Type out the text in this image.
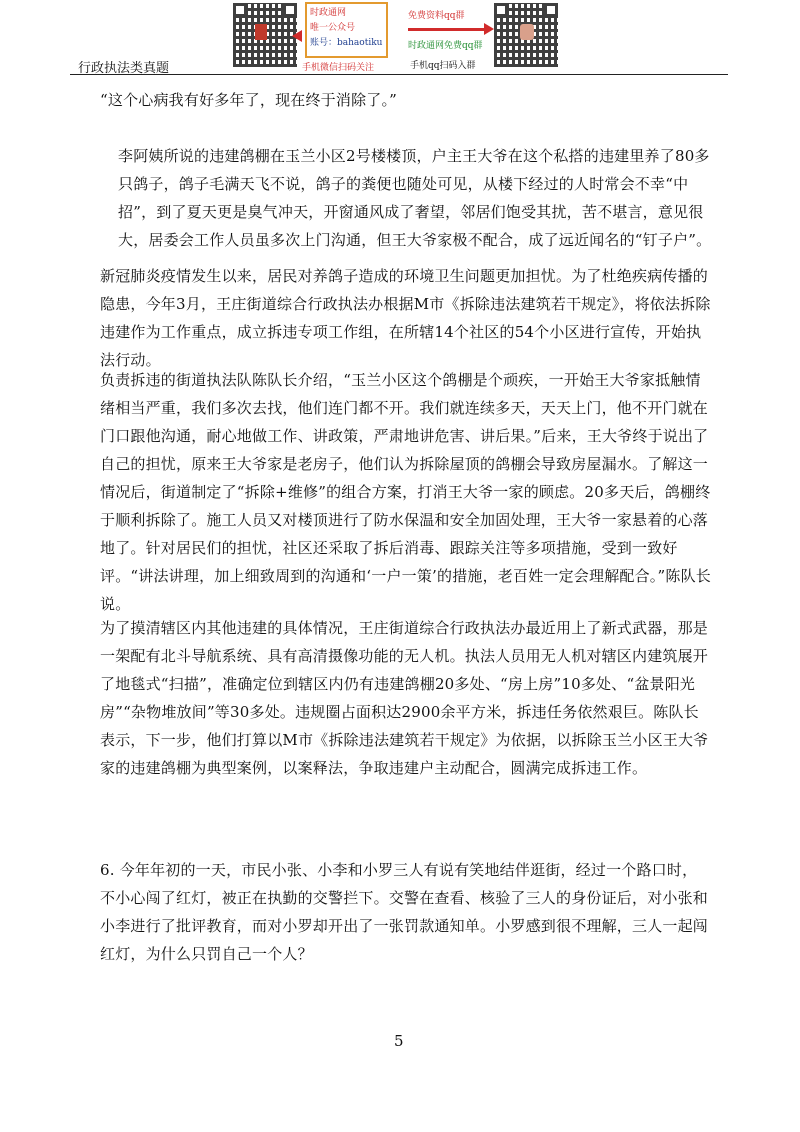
时政通网
唯一公众号
账号：bahaotiku
手机微信扫码关注
免费资料qq群
时政通网免费qq群
手机qq扫码入群
行政执法类真题

“这个心病我有好多年了，现在终于消除了。”

李阿姨所说的违建鸽棚在玉兰小区2号楼楼顶，户主王大爷在这个私搭的违建里养了80多只鸽子，鸽子毛满天飞不说，鸽子的粪便也随处可见，从楼下经过的人时常会不幸“中招”，到了夏天更是臭气冲天，开窗通风成了奢望，邻居们饱受其扰，苦不堪言，意见很大，居委会工作人员虽多次上门沟通，但王大爷家极不配合，成了远近闻名的“钉子户”。

新冠肺炎疫情发生以来，居民对养鸽子造成的环境卫生问题更加担忧。为了杜绝疾病传播的隐患，今年3月，王庄街道综合行政执法办根据M市《拆除违法建筑若干规定》，将依法拆除违建作为工作重点，成立拆违专项工作组，在所辖14个社区的54个小区进行宣传，开始执法行动。

负责拆违的街道执法队陈队长介绍，“玉兰小区这个鸽棚是个顽疾，一开始王大爷家抵触情绪相当严重，我们多次去找，他们连门都不开。我们就连续多天，天天上门，他不开门就在门口跟他沟通，耐心地做工作、讲政策，严肃地讲危害、讲后果。”后来，王大爷终于说出了自己的担忧，原来王大爷家是老房子，他们认为拆除屋顶的鸽棚会导致房屋漏水。了解这一情况后，街道制定了“拆除+维修”的组合方案，打消王大爷一家的顾虑。20多天后，鸽棚终于顺利拆除了。施工人员又对楼顶进行了防水保温和安全加固处理，王大爷一家悬着的心落地了。针对居民们的担忧，社区还采取了拆后消毒、跟踪关注等多项措施，受到一致好评。“讲法讲理，加上细致周到的沟通和‘一户一策’的措施，老百姓一定会理解配合。”陈队长说。

为了摸清辖区内其他违建的具体情况，王庄街道综合行政执法办最近用上了新式武器，那是一架配有北斗导航系统、具有高清摄像功能的无人机。执法人员用无人机对辖区内建筑展开了地毯式“扫描”，准确定位到辖区内仍有违建鸽棚20多处、“房上房”10多处、“盆景阳光房”“杂物堆放间”等30多处。违规圈占面积达2900余平方米，拆违任务依然艰巨。陈队长表示，下一步，他们打算以M市《拆除违法建筑若干规定》为依据，以拆除玉兰小区王大爷家的违建鸽棚为典型案例，以案释法，争取违建户主动配合，圆满完成拆违工作。

6. 今年年初的一天，市民小张、小李和小罗三人有说有笑地结伴逛街，经过一个路口时，不小心闯了红灯，被正在执勤的交警拦下。交警在查看、核验了三人的身份证后，对小张和小李进行了批评教育，而对小罗却开出了一张罚款通知单。小罗感到很不理解，三人一起闯红灯，为什么只罚自己一个人？

5
